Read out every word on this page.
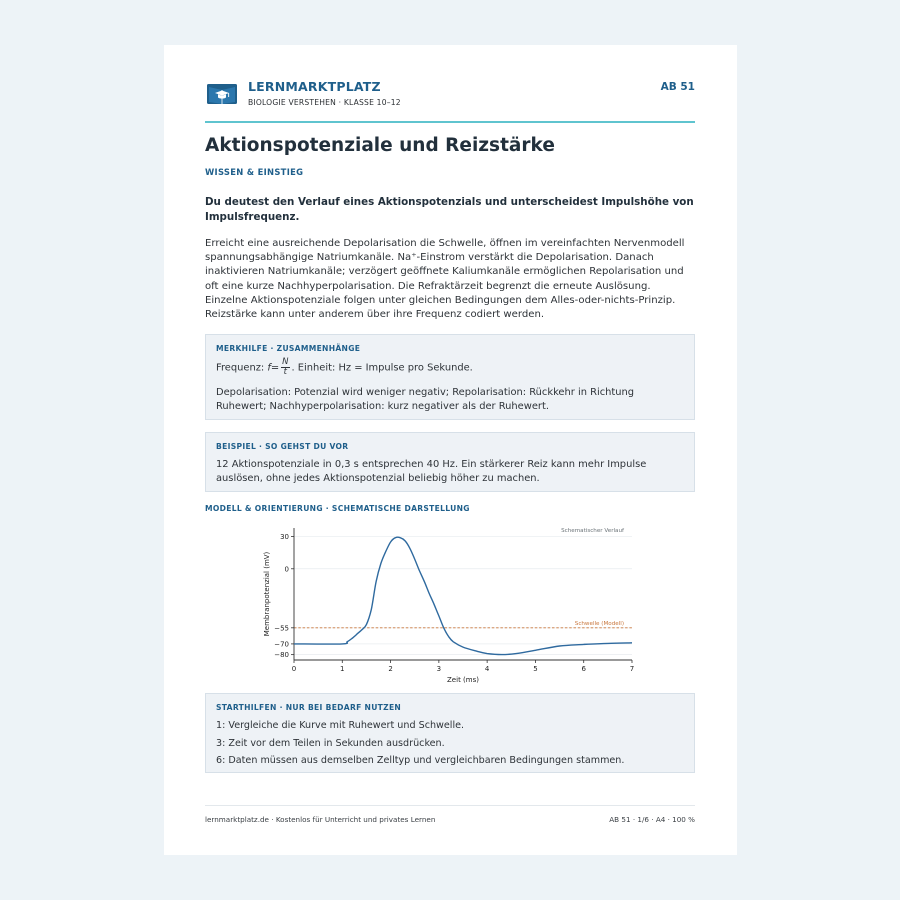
LERNMARKTPLATZ
BIOLOGIE VERSTEHEN · KLASSE 10–12
AB 51
Aktionspotenziale und Reizstärke
WISSEN & EINSTIEG
Du deutest den Verlauf eines Aktionspotenzials und unterscheidest Impulshöhe von Impulsfrequenz.
Erreicht eine ausreichende Depolarisation die Schwelle, öffnen im vereinfachten Nervenmodell spannungsabhängige Natriumkanäle. Na⁺-Einstrom verstärkt die Depolarisation. Danach inaktivieren Natriumkanäle; verzögert geöffnete Kaliumkanäle ermöglichen Repolarisation und oft eine kurze Nachhyperpolarisation. Die Refraktärzeit begrenzt die erneute Auslösung. Einzelne Aktionspotenziale folgen unter gleichen Bedingungen dem Alles-oder-nichts-Prinzip. Reizstärke kann unter anderem über ihre Frequenz codiert werden.
MERKHILFE · ZUSAMMENHÄNGE
Frequenz: $f= \frac{N}{t}$ . Einheit: Hz = Impulse pro Sekunde.
Depolarisation: Potenzial wird weniger negativ; Repolarisation: Rückkehr in Richtung Ruhewert; Nachhyperpolarisation: kurz negativer als der Ruhewert.
BEISPIEL · SO GEHST DU VOR
12 Aktionspotenziale in 0,3 s entsprechen 40 Hz. Ein stärkerer Reiz kann mehr Impulse auslösen, ohne jedes Aktionspotenzial beliebig höher zu machen.
MODELL & ORIENTIERUNG · SCHEMATISCHE DARSTELLUNG
Schwelle (Modell)
0	1	2	3	4	5	6	7
30
0
−55
−70
−80
Zeit (ms)
Membranpotenzial (mV)
Schematischer Verlauf
STARTHILFEN · NUR BEI BEDARF NUTZEN
1: Vergleiche die Kurve mit Ruhewert und Schwelle.
3: Zeit vor dem Teilen in Sekunden ausdrücken.
6: Daten müssen aus demselben Zelltyp und vergleichbaren Bedingungen stammen.
lernmarktplatz.de · Kostenlos für Unterricht und privates Lernen	AB 51 · 1/6 · A4 · 100 %
